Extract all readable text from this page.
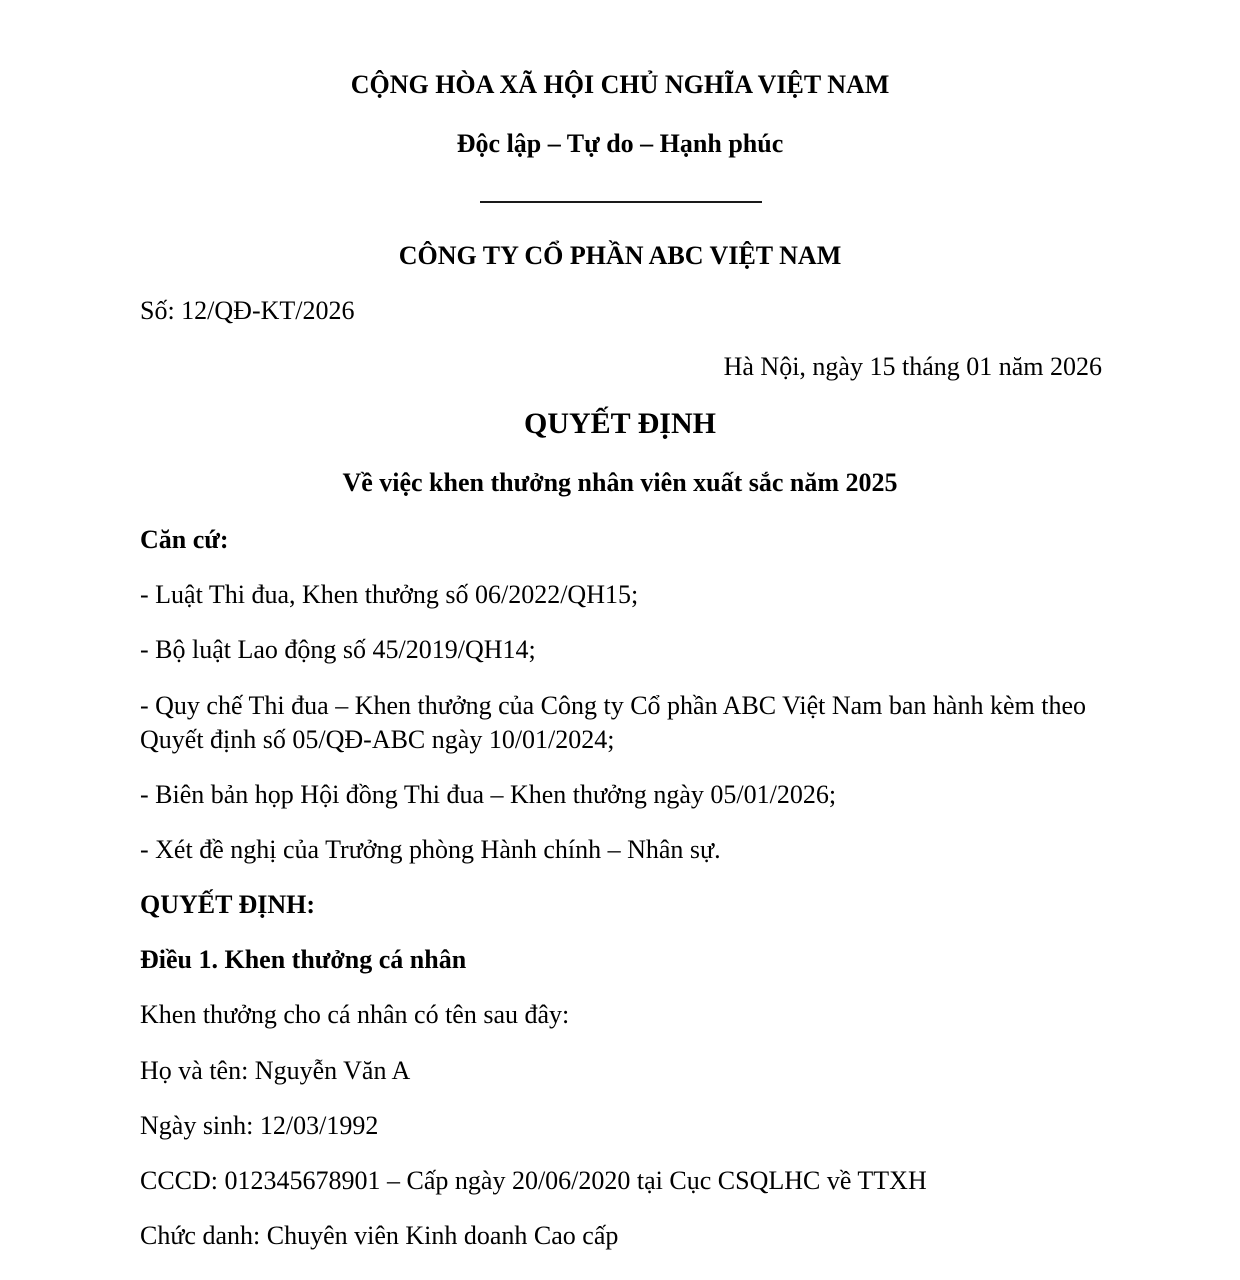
CỘNG HÒA XÃ HỘI CHỦ NGHĨA VIỆT NAM
Độc lập – Tự do – Hạnh phúc
CÔNG TY CỔ PHẦN ABC VIỆT NAM
Số: 12/QĐ-KT/2026
Hà Nội, ngày 15 tháng 01 năm 2026
QUYẾT ĐỊNH
Về việc khen thưởng nhân viên xuất sắc năm 2025
Căn cứ:
- Luật Thi đua, Khen thưởng số 06/2022/QH15;
- Bộ luật Lao động số 45/2019/QH14;
- Quy chế Thi đua – Khen thưởng của Công ty Cổ phần ABC Việt Nam ban hành kèm theo Quyết định số 05/QĐ-ABC ngày 10/01/2024;
- Biên bản họp Hội đồng Thi đua – Khen thưởng ngày 05/01/2026;
- Xét đề nghị của Trưởng phòng Hành chính – Nhân sự.
QUYẾT ĐỊNH:
Điều 1. Khen thưởng cá nhân
Khen thưởng cho cá nhân có tên sau đây:
Họ và tên: Nguyễn Văn A
Ngày sinh: 12/03/1992
CCCD: 012345678901 – Cấp ngày 20/06/2020 tại Cục CSQLHC về TTXH
Chức danh: Chuyên viên Kinh doanh Cao cấp
